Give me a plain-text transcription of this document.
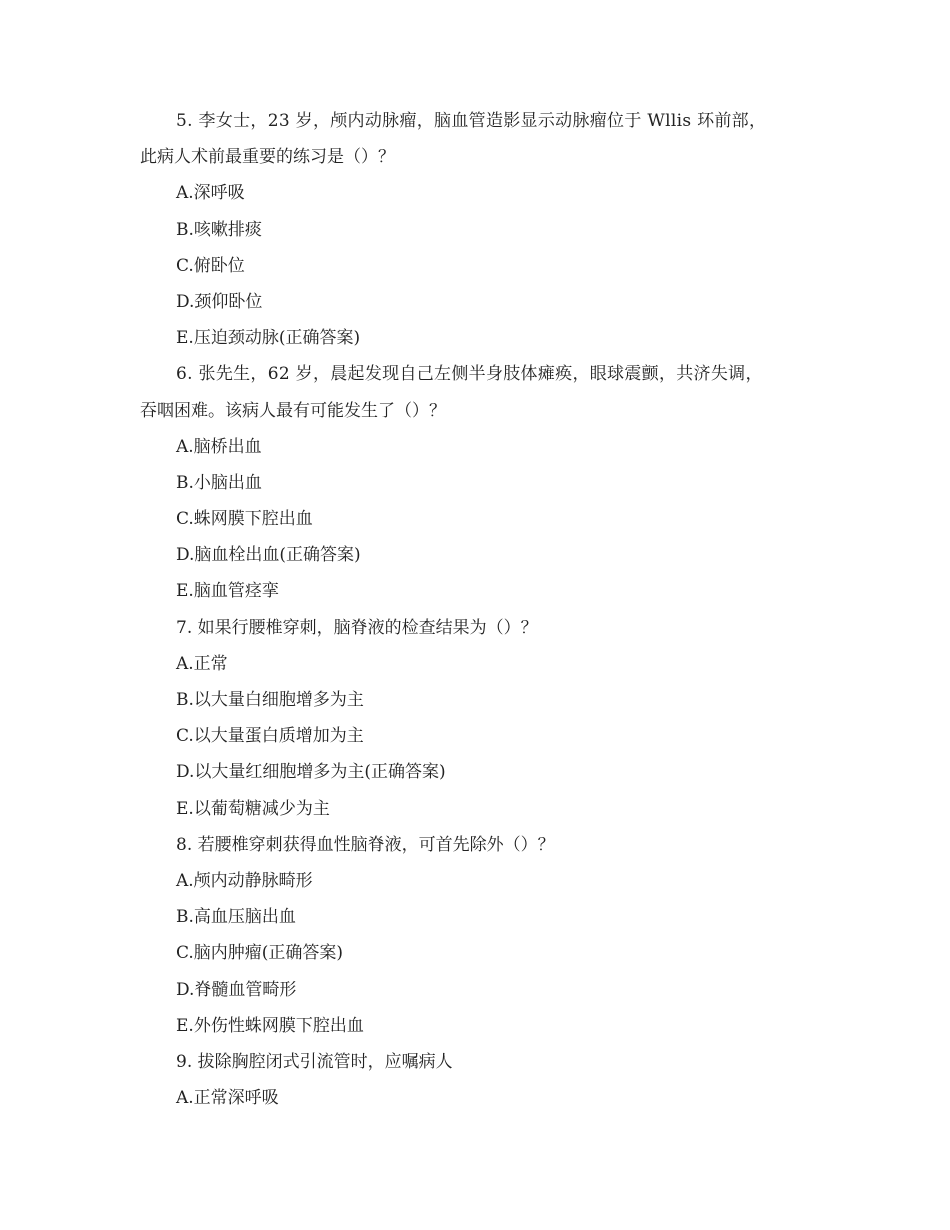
5. 李女士，23 岁，颅内动脉瘤，脑血管造影显示动脉瘤位于 Wllis 环前部，
此病人术前最重要的练习是（）？
A.深呼吸
B.咳嗽排痰
C.俯卧位
D.颈仰卧位
E.压迫颈动脉(正确答案)
6. 张先生，62 岁，晨起发现自己左侧半身肢体瘫痪，眼球震颤，共济失调，
吞咽困难。该病人最有可能发生了（）？
A.脑桥出血
B.小脑出血
C.蛛网膜下腔出血
D.脑血栓出血(正确答案)
E.脑血管痉挛
7. 如果行腰椎穿刺，脑脊液的检查结果为（）？
A.正常
B.以大量白细胞增多为主
C.以大量蛋白质增加为主
D.以大量红细胞增多为主(正确答案)
E.以葡萄糖减少为主
8. 若腰椎穿刺获得血性脑脊液，可首先除外（）？
A.颅内动静脉畸形
B.高血压脑出血
C.脑内肿瘤(正确答案)
D.脊髓血管畸形
E.外伤性蛛网膜下腔出血
9. 拔除胸腔闭式引流管时，应嘱病人
A.正常深呼吸
